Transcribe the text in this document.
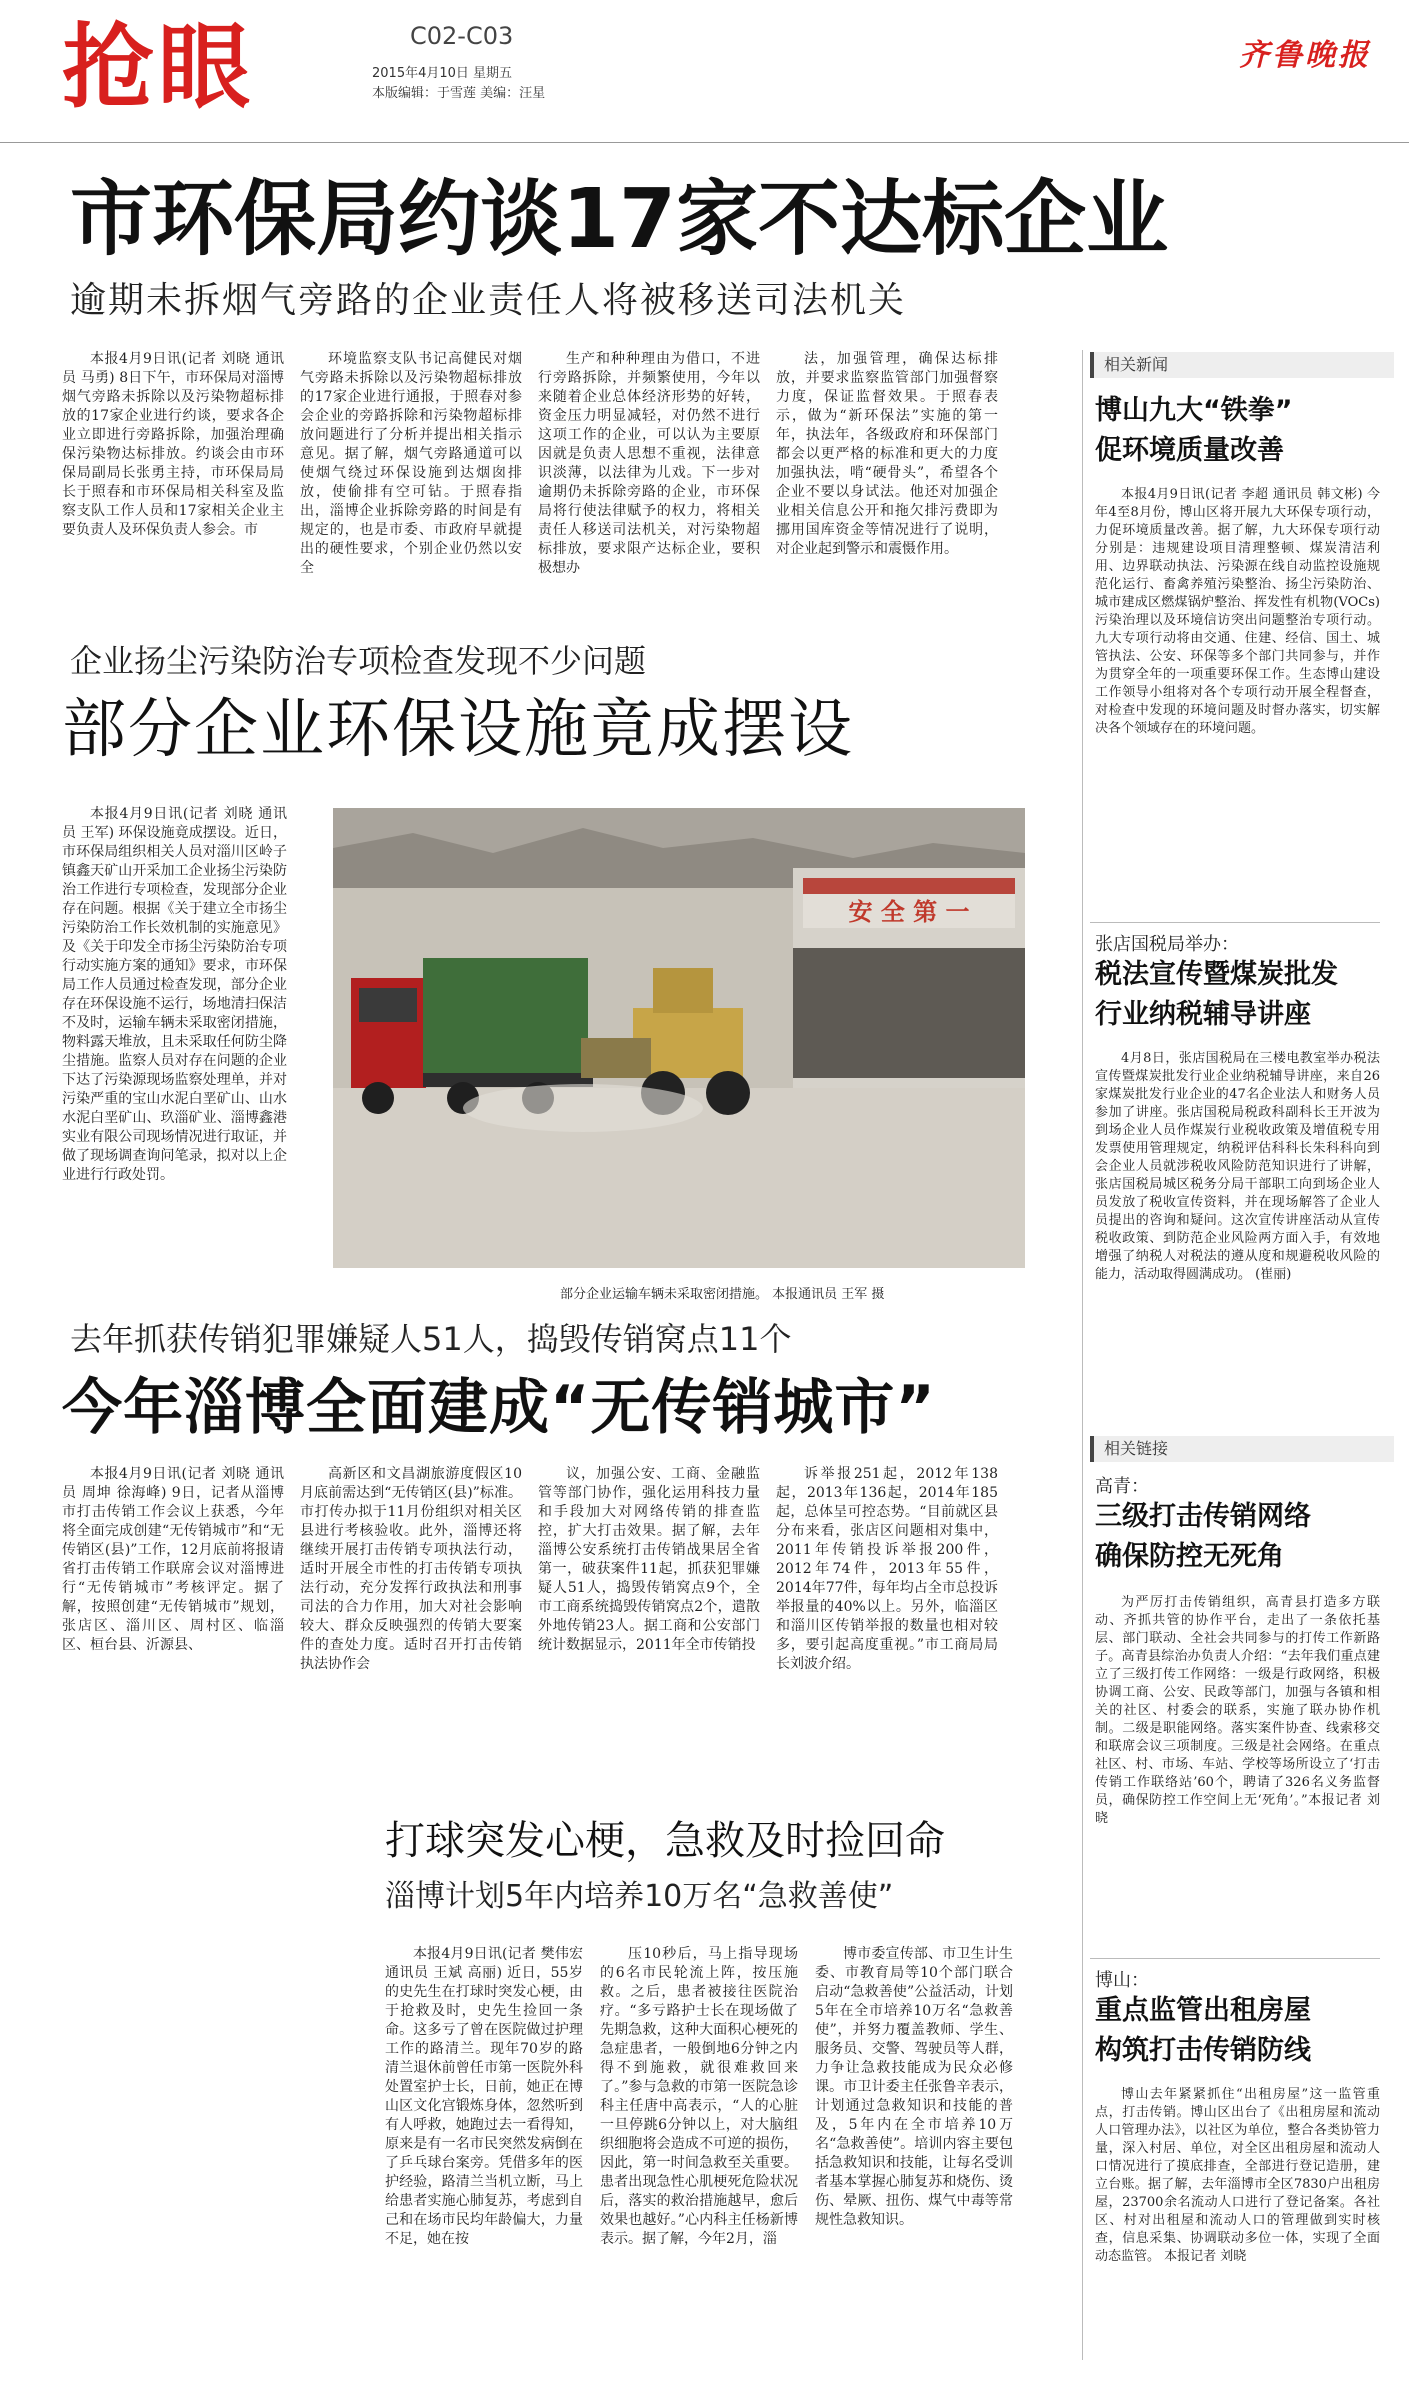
抢眼	C02-C03
2015年4月10日 星期五
本版编辑：于雪莲 美编：汪星
齐鲁晚报
市环保局约谈17家不达标企业
逾期未拆烟气旁路的企业责任人将被移送司法机关
本报4月9日讯(记者 刘晓 通讯员 马勇) 8日下午，市环保局对淄博烟气旁路未拆除以及污染物超标排放的17家企业进行约谈，要求各企业立即进行旁路拆除，加强治理确保污染物达标排放。约谈会由市环保局副局长张勇主持，市环保局局长于照春和市环保局相关科室及监察支队工作人员和17家相关企业主要负责人及环保负责人参会。市
环境监察支队书记高健民对烟气旁路未拆除以及污染物超标排放的17家企业进行通报，于照春对参会企业的旁路拆除和污染物超标排放问题进行了分析并提出相关指示意见。据了解，烟气旁路通道可以使烟气绕过环保设施到达烟囱排放，使偷排有空可钻。于照春指出，淄博企业拆除旁路的时间是有规定的，也是市委、市政府早就提出的硬性要求，个别企业仍然以安全
生产和种种理由为借口，不进行旁路拆除，并频繁使用，今年以来随着企业总体经济形势的好转，资金压力明显减轻，对仍然不进行这项工作的企业，可以认为主要原因就是负责人思想不重视，法律意识淡薄，以法律为儿戏。下一步对逾期仍未拆除旁路的企业，市环保局将行使法律赋予的权力，将相关责任人移送司法机关，对污染物超标排放，要求限产达标企业，要积极想办
法，加强管理，确保达标排放，并要求监察监管部门加强督察力度，保证监督效果。于照春表示，做为“新环保法”实施的第一年，执法年，各级政府和环保部门都会以更严格的标准和更大的力度加强执法，啃“硬骨头”，希望各个企业不要以身试法。他还对加强企业相关信息公开和拖欠排污费即为挪用国库资金等情况进行了说明，对企业起到警示和震慑作用。
企业扬尘污染防治专项检查发现不少问题
部分企业环保设施竟成摆设
本报4月9日讯(记者 刘晓 通讯员 王军) 环保设施竟成摆设。近日，市环保局组织相关人员对淄川区岭子镇鑫天矿山开采加工企业扬尘污染防治工作进行专项检查，发现部分企业存在问题。根据《关于建立全市扬尘污染防治工作长效机制的实施意见》及《关于印发全市扬尘污染防治专项行动实施方案的通知》要求，市环保局工作人员通过检查发现，部分企业存在环保设施不运行，场地清扫保洁不及时，运输车辆未采取密闭措施，物料露天堆放，且未采取任何防尘降尘措施。监察人员对存在问题的企业下达了污染源现场监察处理单，并对污染严重的宝山水泥白垩矿山、山水水泥白垩矿山、玖淄矿业、淄博鑫港实业有限公司现场情况进行取证，并做了现场调查询问笔录，拟对以上企业进行行政处罚。
安 全 第 一
部分企业运输车辆未采取密闭措施。 本报通讯员 王军 摄
去年抓获传销犯罪嫌疑人51人，捣毁传销窝点11个
今年淄博全面建成“无传销城市”
本报4月9日讯(记者 刘晓 通讯员 周坤 徐海峰) 9日，记者从淄博市打击传销工作会议上获悉，今年将全面完成创建“无传销城市”和“无传销区(县)”工作，12月底前将报请省打击传销工作联席会议对淄博进行“无传销城市”考核评定。据了解，按照创建“无传销城市”规划，张店区、淄川区、周村区、临淄区、桓台县、沂源县、
高新区和文昌湖旅游度假区10月底前需达到“无传销区(县)”标准。市打传办拟于11月份组织对相关区县进行考核验收。此外，淄博还将继续开展打击传销专项执法行动，适时开展全市性的打击传销专项执法行动，充分发挥行政执法和刑事司法的合力作用，加大对社会影响较大、群众反映强烈的传销大要案件的查处力度。适时召开打击传销执法协作会
议，加强公安、工商、金融监管等部门协作，强化运用科技力量和手段加大对网络传销的排查监控，扩大打击效果。据了解，去年淄博公安系统打击传销战果居全省第一，破获案件11起，抓获犯罪嫌疑人51人，捣毁传销窝点9个，全市工商系统捣毁传销窝点2个，遣散外地传销23人。据工商和公安部门统计数据显示，2011年全市传销投
诉举报251起，2012年138起，2013年136起，2014年185起，总体呈可控态势。“目前就区县分布来看，张店区问题相对集中，2011年传销投诉举报200件，2012年74件，2013年55件，2014年77件，每年均占全市总投诉举报量的40%以上。另外，临淄区和淄川区传销举报的数量也相对较多，要引起高度重视。”市工商局局长刘波介绍。
打球突发心梗，急救及时捡回命
淄博计划5年内培养10万名“急救善使”
本报4月9日讯(记者 樊伟宏 通讯员 王斌 高丽) 近日，55岁的史先生在打球时突发心梗，由于抢救及时，史先生捡回一条命。这多亏了曾在医院做过护理工作的路清兰。现年70岁的路清兰退休前曾任市第一医院外科处置室护士长，日前，她正在博山区文化宫锻炼身体，忽然听到有人呼救，她跑过去一看得知，原来是有一名市民突然发病倒在了乒乓球台案旁。凭借多年的医护经验，路清兰当机立断，马上给患者实施心肺复苏，考虑到自己和在场市民均年龄偏大，力量不足，她在按
压10秒后，马上指导现场的6名市民轮流上阵，按压施救。之后，患者被接往医院治疗。“多亏路护士长在现场做了先期急救，这种大面积心梗死的急症患者，一般倒地6分钟之内得不到施救，就很难救回来了。”参与急救的市第一医院急诊科主任唐中高表示，“人的心脏一旦停跳6分钟以上，对大脑组织细胞将会造成不可逆的损伤，因此，第一时间急救至关重要。患者出现急性心肌梗死危险状况后，落实的救治措施越早，愈后效果也越好。”心内科主任杨新博表示。据了解，今年2月，淄
博市委宣传部、市卫生计生委、市教育局等10个部门联合启动“急救善使”公益活动，计划5年在全市培养10万名“急救善使”，并努力覆盖教师、学生、服务员、交警、驾驶员等人群，力争让急救技能成为民众必修课。市卫计委主任张鲁辛表示，计划通过急救知识和技能的普及，5年内在全市培养10万名“急救善使”。培训内容主要包括急救知识和技能，让每名受训者基本掌握心肺复苏和烧伤、烫伤、晕厥、扭伤、煤气中毒等常规性急救知识。
相关新闻
博山九大“铁拳”
促环境质量改善
本报4月9日讯(记者 李超 通讯员 韩文彬) 今年4至8月份，博山区将开展九大环保专项行动，力促环境质量改善。据了解，九大环保专项行动分别是：违规建设项目清理整顿、煤炭清洁利用、边界联动执法、污染源在线自动监控设施规范化运行、畜禽养殖污染整治、扬尘污染防治、城市建成区燃煤锅炉整治、挥发性有机物(VOCs)污染治理以及环境信访突出问题整治专项行动。九大专项行动将由交通、住建、经信、国土、城管执法、公安、环保等多个部门共同参与，并作为贯穿全年的一项重要环保工作。生态博山建设工作领导小组将对各个专项行动开展全程督查，对检查中发现的环境问题及时督办落实，切实解决各个领域存在的环境问题。
张店国税局举办：
税法宣传暨煤炭批发
行业纳税辅导讲座
4月8日，张店国税局在三楼电教室举办税法宣传暨煤炭批发行业企业纳税辅导讲座，来自26家煤炭批发行业企业的47名企业法人和财务人员参加了讲座。张店国税局税政科副科长王开波为到场企业人员作煤炭行业税收政策及增值税专用发票使用管理规定，纳税评估科科长朱科科向到会企业人员就涉税收风险防范知识进行了讲解，张店国税局城区税务分局干部职工向到场企业人员发放了税收宣传资料，并在现场解答了企业人员提出的咨询和疑问。这次宣传讲座活动从宣传税收政策、到防范企业风险两方面入手，有效地增强了纳税人对税法的遵从度和规避税收风险的能力，活动取得圆满成功。 (崔丽)
相关链接
高青：
三级打击传销网络
确保防控无死角
为严厉打击传销组织，高青县打造多方联动、齐抓共管的协作平台，走出了一条依托基层、部门联动、全社会共同参与的打传工作新路子。高青县综治办负责人介绍：“去年我们重点建立了三级打传工作网络：一级是行政网络，积极协调工商、公安、民政等部门，加强与各镇和相关的社区、村委会的联系，实施了联办协作机制。二级是职能网络。落实案件协查、线索移交和联席会议三项制度。三级是社会网络。在重点社区、村、市场、车站、学校等场所设立了‘打击传销工作联络站’60个，聘请了326名义务监督员，确保防控工作空间上无‘死角’。”本报记者 刘晓
博山：
重点监管出租房屋
构筑打击传销防线
博山去年紧紧抓住“出租房屋”这一监管重点，打击传销。博山区出台了《出租房屋和流动人口管理办法》，以社区为单位，整合各类协管力量，深入村居、单位，对全区出租房屋和流动人口情况进行了摸底排查，全部进行登记造册，建立台账。据了解，去年淄博市全区7830户出租房屋，23700余名流动人口进行了登记备案。各社区、村对出租屋和流动人口的管理做到实时核查，信息采集、协调联动多位一体，实现了全面动态监管。 本报记者 刘晓
